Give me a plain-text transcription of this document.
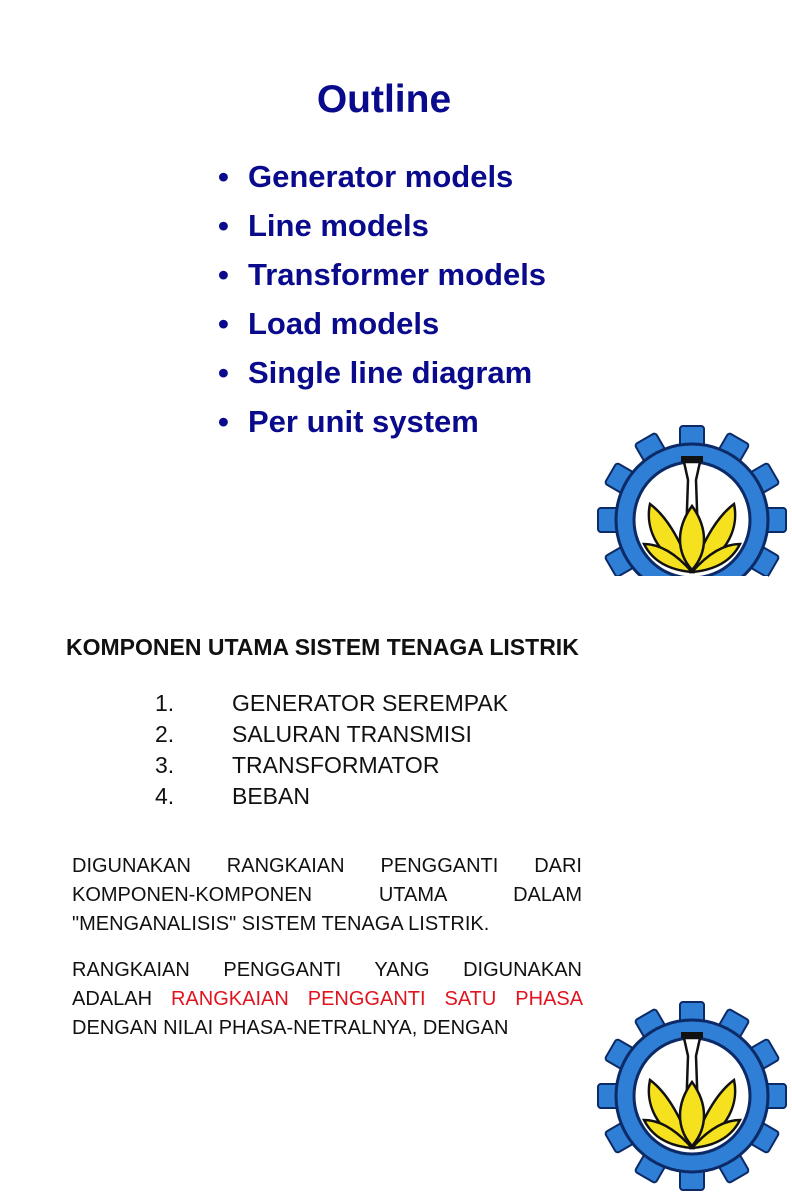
Outline
• Generator models
• Line models
• Transformer models
• Load models
• Single line diagram
• Per unit system
KOMPONEN UTAMA SISTEM TENAGA LISTRIK
1.	GENERATOR SEREMPAK
2.	SALURAN TRANSMISI
3.	TRANSFORMATOR
4.	BEBAN

DIGUNAKAN RANGKAIAN PENGGANTI DARI KOMPONEN-KOMPONEN UTAMA DALAM "MENGANALISIS" SISTEM TENAGA LISTRIK.

RANGKAIAN PENGGANTI YANG DIGUNAKAN ADALAH RANGKAIAN PENGGANTI SATU PHASA DENGAN NILAI PHASA-NETRALNYA, DENGAN
